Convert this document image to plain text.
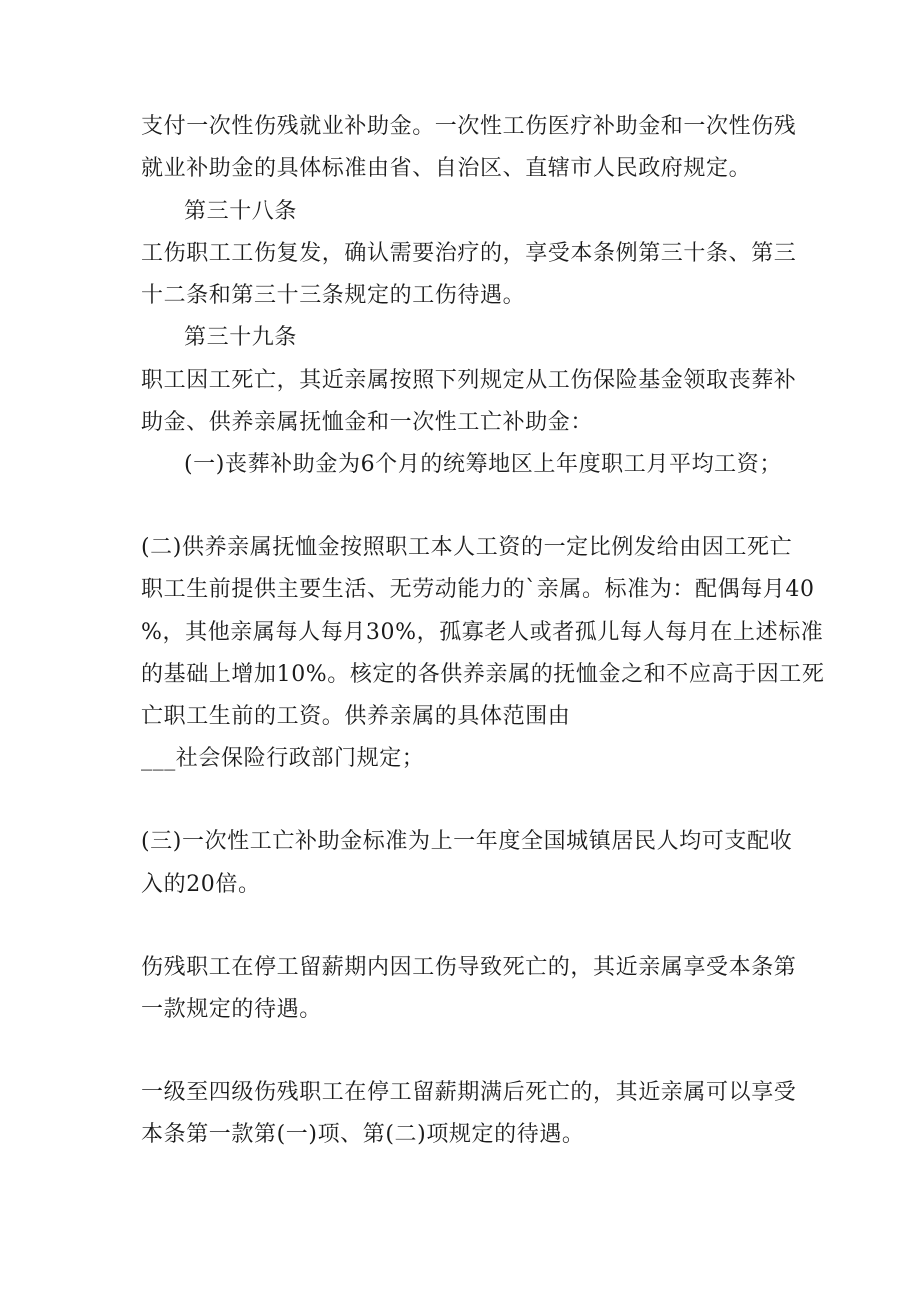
支付一次性伤残就业补助金。一次性工伤医疗补助金和一次性伤残
就业补助金的具体标准由省、自治区、直辖市人民政府规定。
第三十八条
工伤职工工伤复发，确认需要治疗的，享受本条例第三十条、第三
十二条和第三十三条规定的工伤待遇。
第三十九条
职工因工死亡，其近亲属按照下列规定从工伤保险基金领取丧葬补
助金、供养亲属抚恤金和一次性工亡补助金：
(一)丧葬补助金为6个月的统筹地区上年度职工月平均工资；
(二)供养亲属抚恤金按照职工本人工资的一定比例发给由因工死亡
职工生前提供主要生活、无劳动能力的`亲属。标准为：配偶每月40
%，其他亲属每人每月30%，孤寡老人或者孤儿每人每月在上述标准
的基础上增加10%。核定的各供养亲属的抚恤金之和不应高于因工死
亡职工生前的工资。供养亲属的具体范围由
___社会保险行政部门规定；
(三)一次性工亡补助金标准为上一年度全国城镇居民人均可支配收
入的20倍。
伤残职工在停工留薪期内因工伤导致死亡的，其近亲属享受本条第
一款规定的待遇。
一级至四级伤残职工在停工留薪期满后死亡的，其近亲属可以享受
本条第一款第(一)项、第(二)项规定的待遇。
